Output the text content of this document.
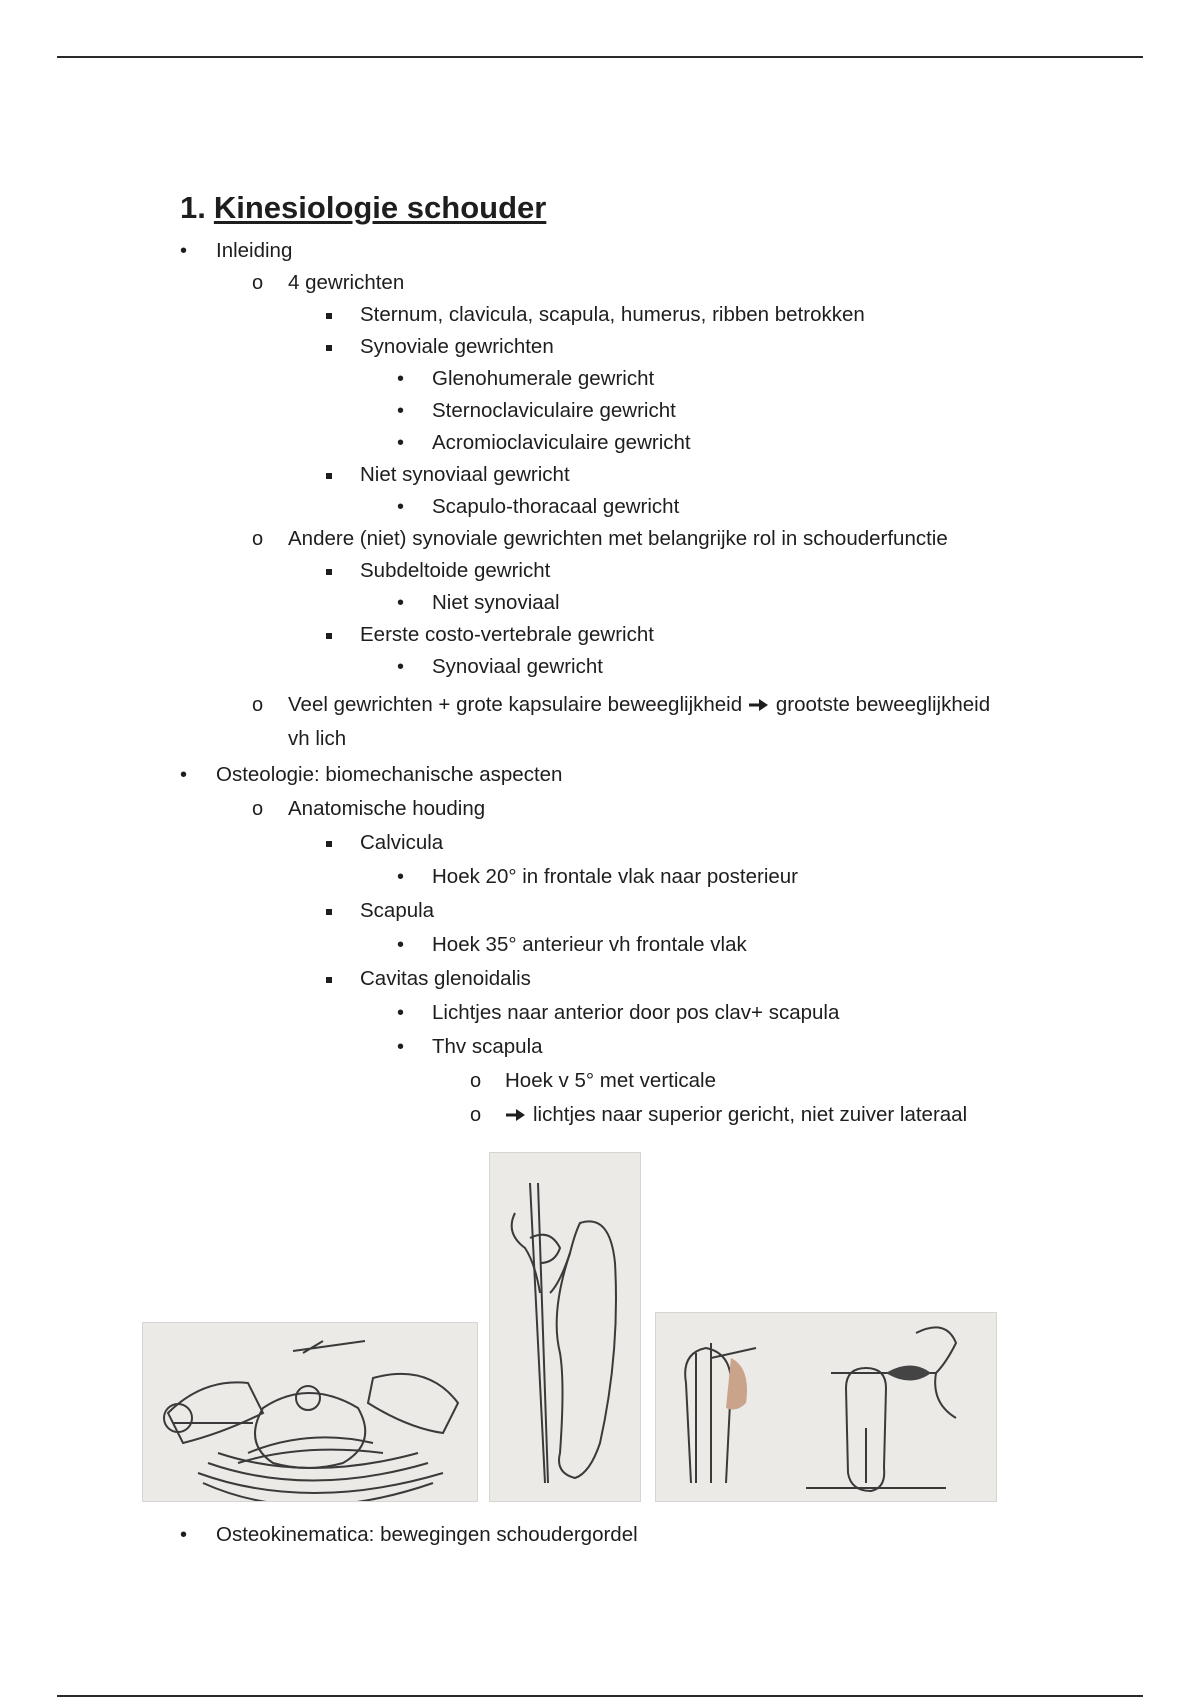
1. Kinesiologie schouder
•
Inleiding
o
4 gewrichten
Sternum, clavicula, scapula, humerus, ribben betrokken
Synoviale gewrichten
•
Glenohumerale gewricht
•
Sternoclaviculaire gewricht
•
Acromioclaviculaire gewricht
Niet synoviaal gewricht
•
Scapulo-thoracaal gewricht
o
Andere (niet) synoviale gewrichten met belangrijke rol in schouderfunctie
Subdeltoide gewricht
•
Niet synoviaal
Eerste costo-vertebrale gewricht
•
Synoviaal gewricht
o
Veel gewrichten + grote kapsulaire beweeglijkheid grootste beweeglijkheid
vh lich
•
Osteologie: biomechanische aspecten
o
Anatomische houding
Calvicula
•
Hoek 20° in frontale vlak naar posterieur
Scapula
•
Hoek 35° anterieur vh frontale vlak
Cavitas glenoidalis
•
Lichtjes naar anterior door pos clav+ scapula
•
Thv scapula
o
Hoek v 5° met verticale
o
lichtjes naar superior gericht, niet zuiver lateraal
•
Osteokinematica: bewegingen schoudergordel
